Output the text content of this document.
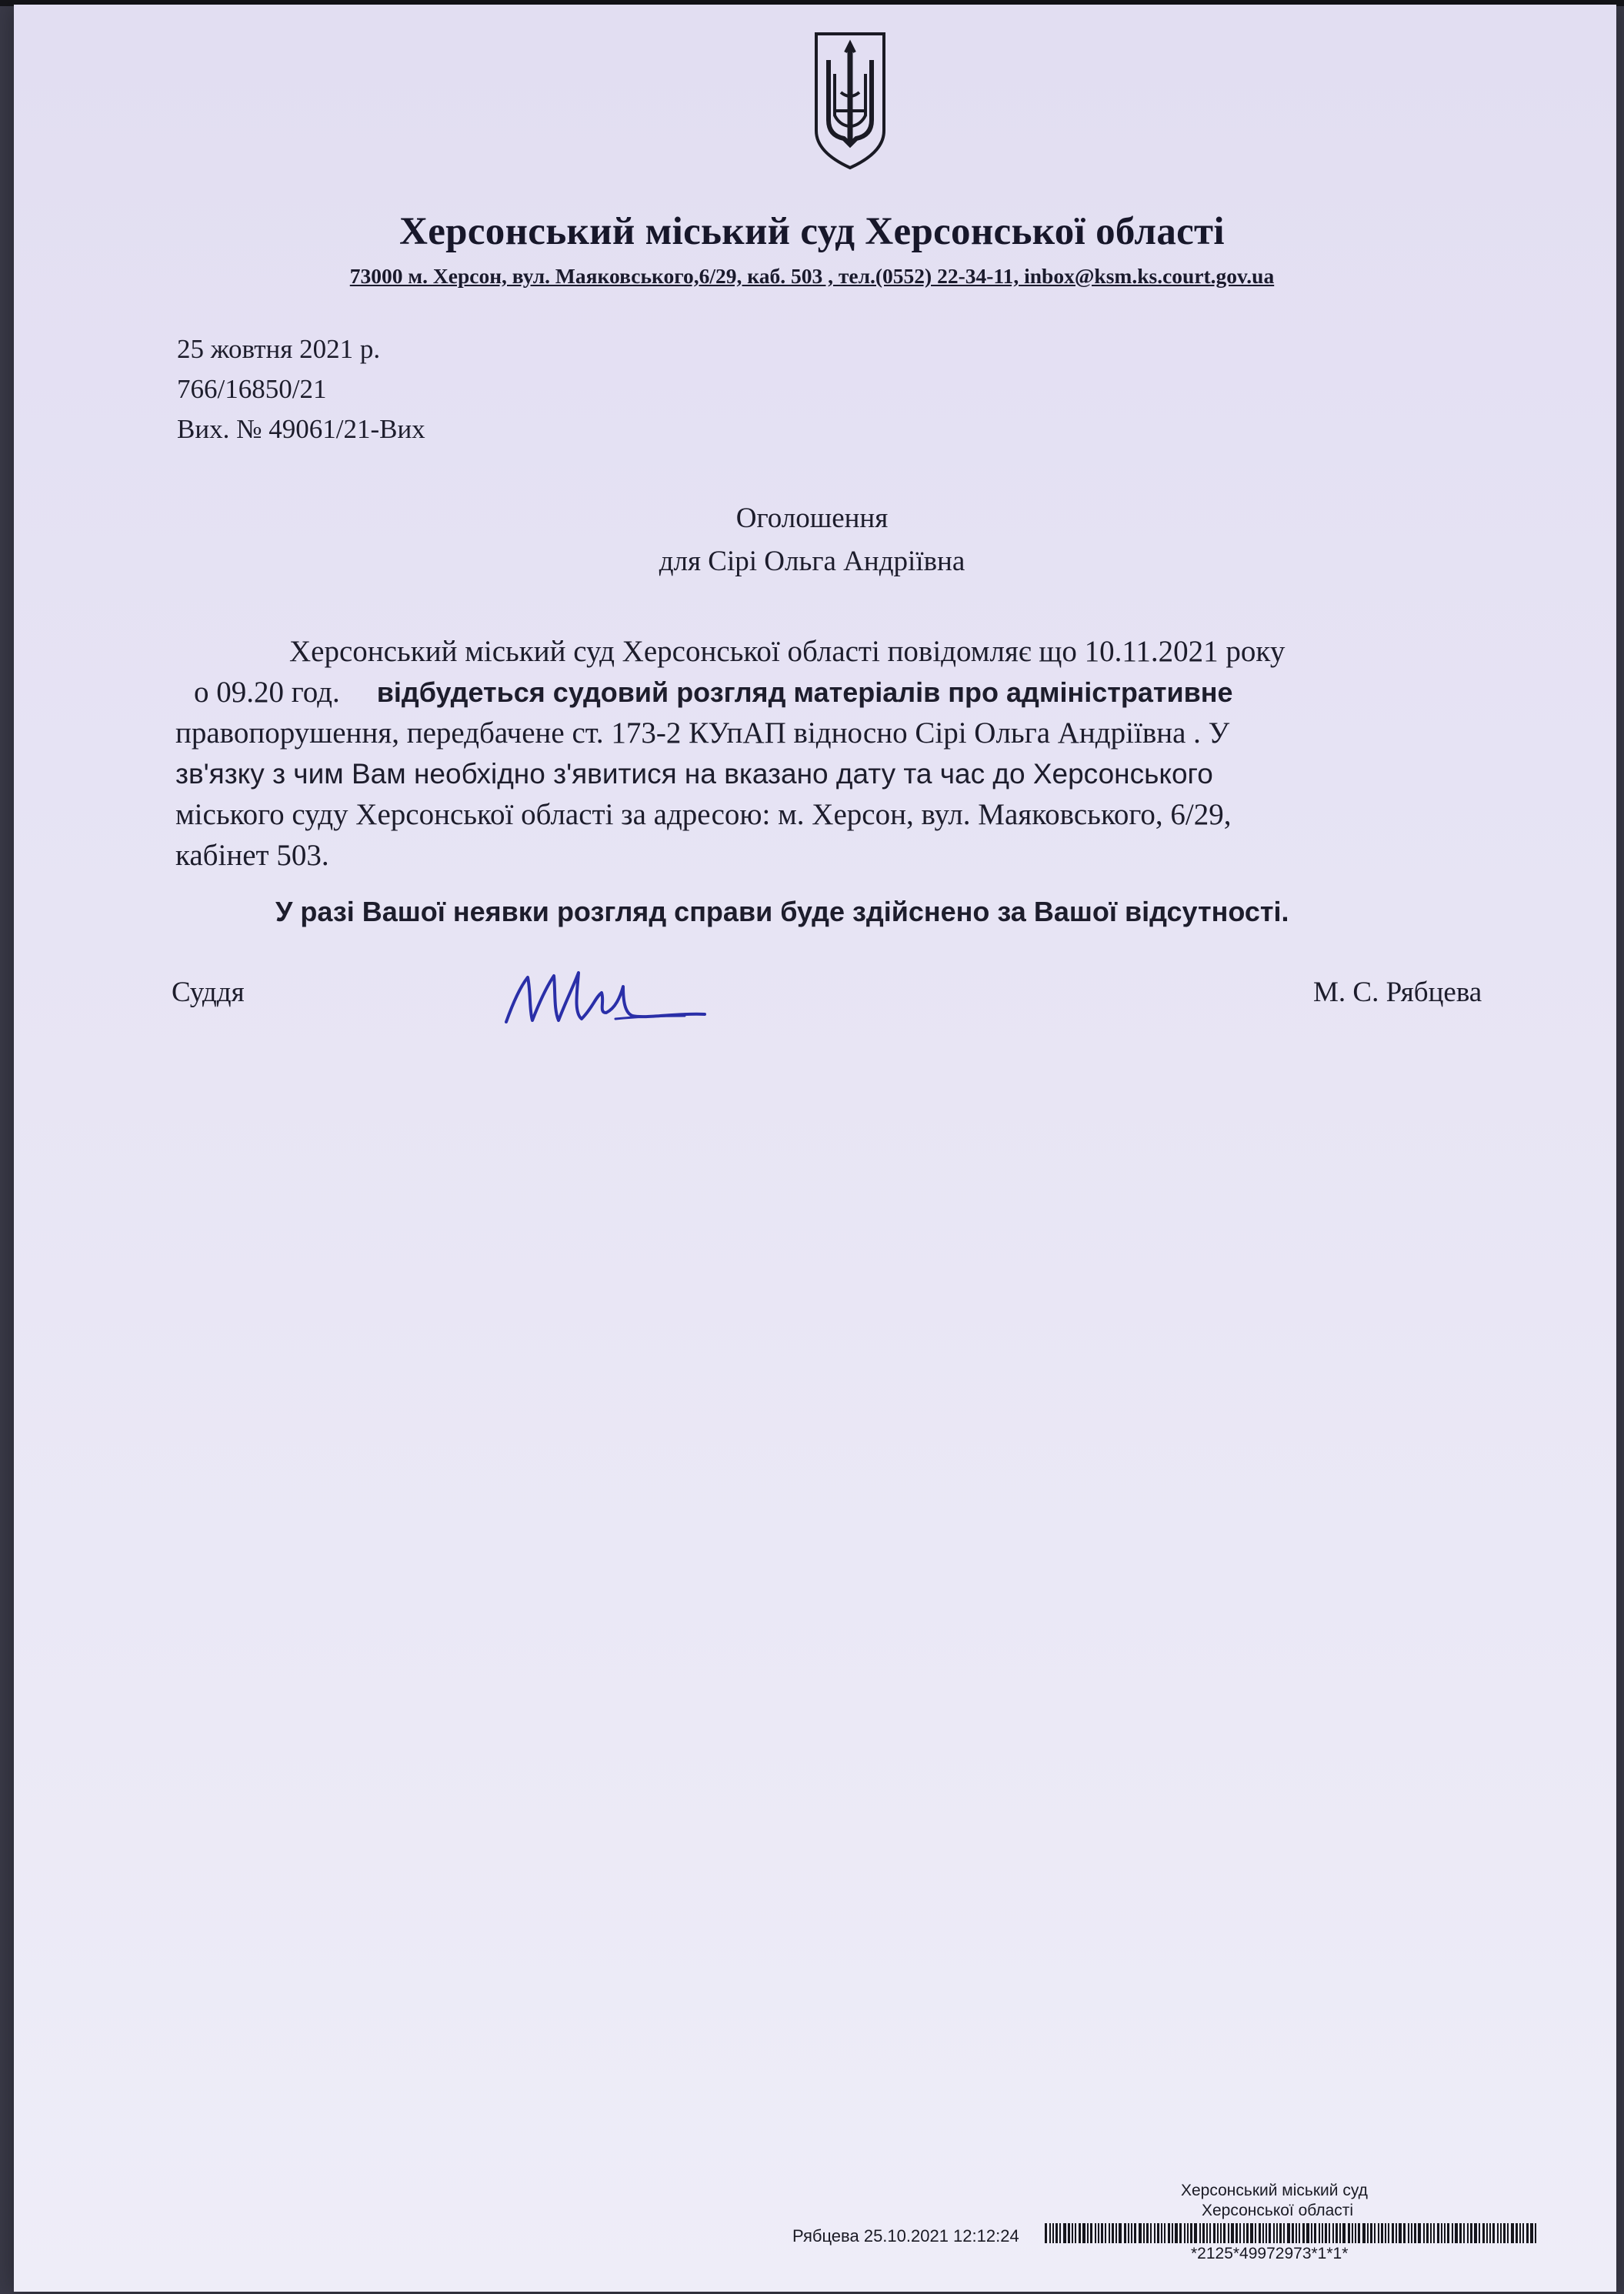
Херсонський міський суд Херсонської області
73000 м. Херсон, вул. Маяковського,6/29, каб. 503 , тел.(0552) 22-34-11, inbox@ksm.ks.court.gov.ua
25 жовтня 2021 р.
766/16850/21
Вих. № 49061/21-Вих
Оголошення
для Сірі Ольга Андріївна
Херсонський міський суд Херсонської області повідомляє що 10.11.2021 року
о 09.20 год. відбудеться судовий розгляд матеріалів про адміністративне
правопорушення, передбачене ст. 173-2 КУпАП відносно Сірі Ольга Андріївна . У
зв'язку з чим Вам необхідно з'явитися на вказано дату та час до Херсонського
міського суду Херсонської області за адресою: м. Херсон, вул. Маяковського, 6/29,
кабінет 503.
У разі Вашої неявки розгляд справи буде здійснено за Вашої відсутності.
Суддя	М. С. Рябцева
Херсонський міський суд
Херсонської області
Рябцева 25.10.2021 12:12:24
*2125*49972973*1*1*
